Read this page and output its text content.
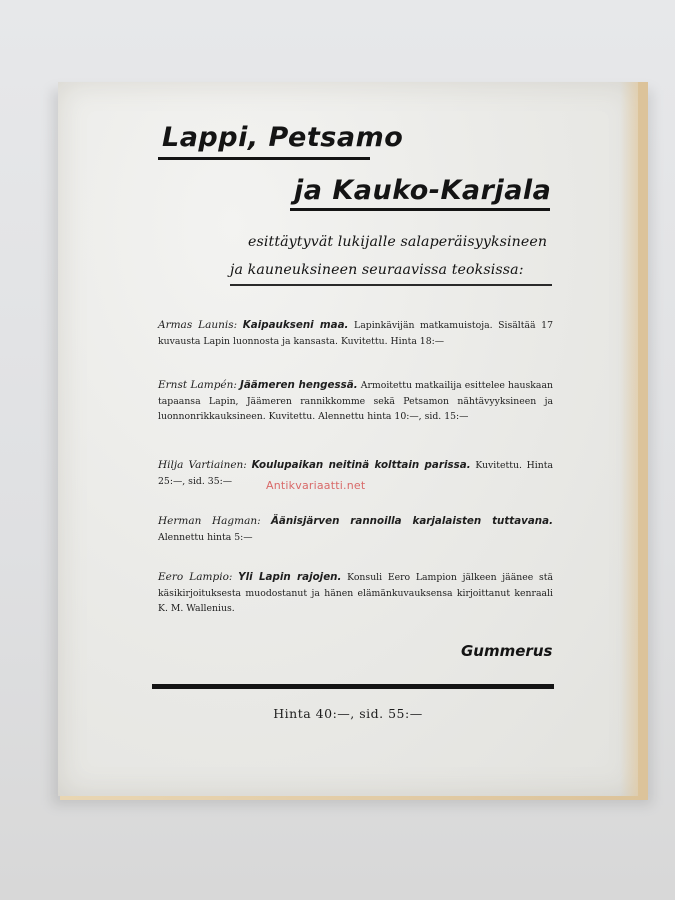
Lappi, Petsamo

ja Kauko-Karjala

esittäytyvät lukijalle salaperäisyyksineen

ja kauneuksineen seuraavissa teoksissa:

Armas Launis: Kaipaukseni maa. Lapinkävijän matkamuistoja. Sisältää 17 kuvausta Lapin luonnosta ja kansasta. Kuvitettu. Hinta 18:—

Ernst Lampén: Jäämeren hengessä. Armoitettu matkailija esittelee hauskaan tapaansa Lapin, Jäämeren rannikkomme sekä Petsamon nähtävyyksineen ja luonnonrikkauksineen. Kuvitettu. Alennettu hinta 10:—, sid. 15:—

Hilja Vartiainen: Koulupaikan neitinä kolttain parissa. Kuvitettu. Hinta 25:—, sid. 35:—

Herman Hagman: Äänisjärven rannoilla karjalaisten tuttavana. Alennettu hinta 5:—

Eero Lampio: Yli Lapin rajojen. Konsuli Eero Lampion jälkeen jäänee stä käsikirjoituksesta muodostanut ja hänen elämänkuvauksensa kirjoittanut kenraali K. M. Wallenius.

Gummerus

Hinta 40:—, sid. 55:—

Antikvariaatti.net
